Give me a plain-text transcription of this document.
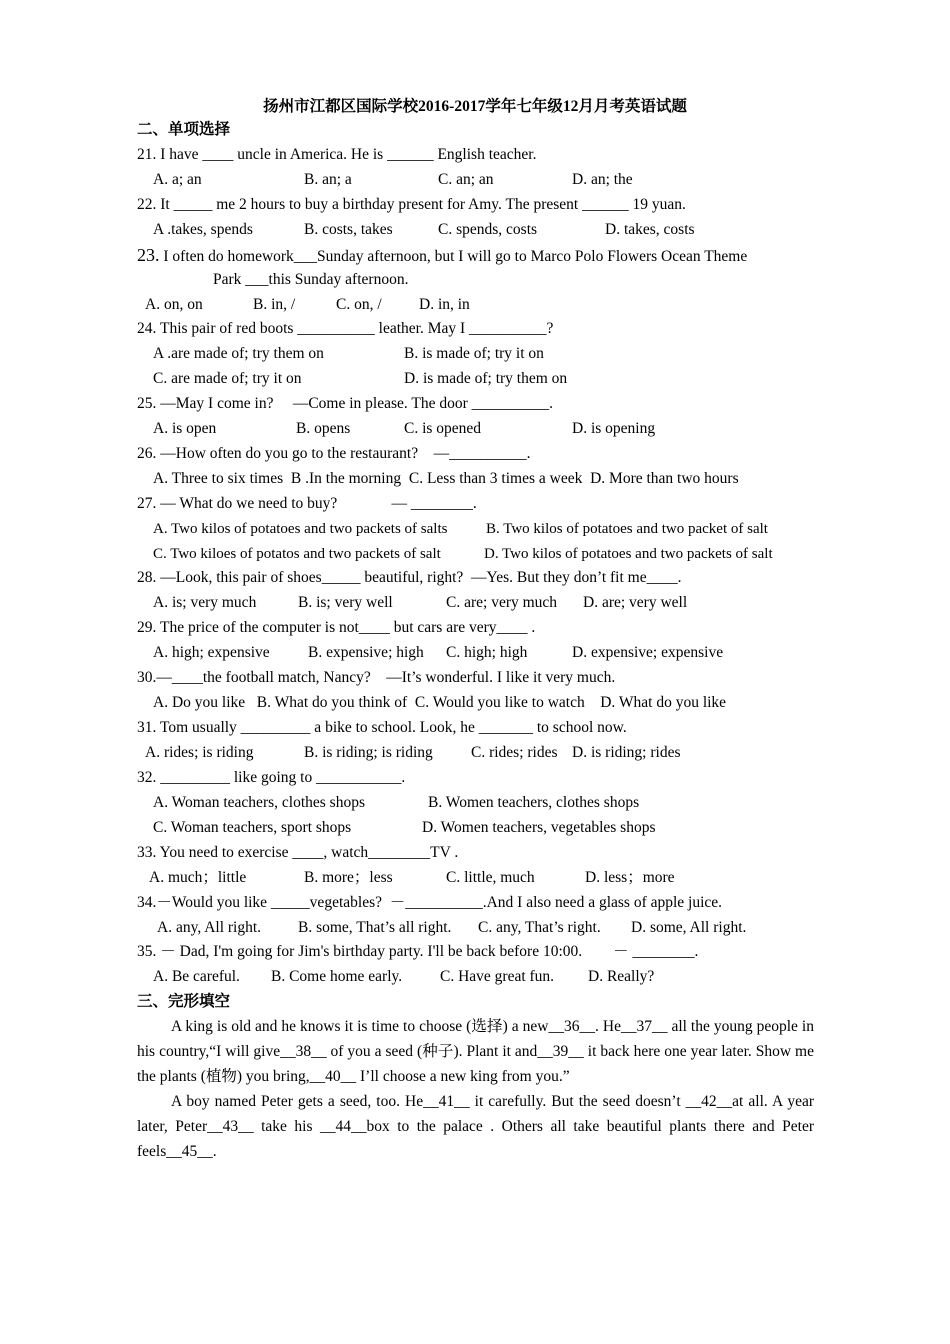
扬州市江都区国际学校2016-2017学年七年级12月月考英语试题
二、单项选择
21. I have ____ uncle in America. He is ______ English teacher.
A. a; an	B. an; a	C. an; an	D. an; the
22. It _____ me 2 hours to buy a birthday present for Amy. The present ______ 19 yuan.
A .takes, spends	B. costs, takes	C. spends, costs	D. takes, costs
23. I often do homework___Sunday afternoon, but I will go to Marco Polo Flowers Ocean Theme
Park ___this Sunday afternoon.
A. on, on	B. in, /	C. on, / D. in, in
24. This pair of red boots __________ leather. May I __________?
A .are made of; try them on	B. is made of; try it on
C. are made of; try it on	D. is made of; try them on
25. —May I come in?     —Come in please. The door __________.
A. is open	B. opens	C. is opened	D. is opening
26. —How often do you go to the restaurant?    —__________.
A. Three to six times  B .In the morning  C. Less than 3 times a week  D. More than two hours
27. — What do we need to buy?              — ________.
A. Two kilos of potatoes and two packets of salts	B. Two kilos of potatoes and two packet of salt
C. Two kiloes of potatos and two packets of salt	D. Two kilos of potatoes and two packets of salt
28. —Look, this pair of shoes_____ beautiful, right?  —Yes. But they don’t fit me____.
A. is; very much	B. is; very well	C. are; very much D. are; very well
29. The price of the computer is not____ but cars are very____ .
A. high; expensive B. expensive; high C. high; high	D. expensive; expensive
30.—____the football match, Nancy?    —It’s wonderful. I like it very much.
A. Do you like   B. What do you think of  C. Would you like to watch    D. What do you like
31. Tom usually _________ a bike to school. Look, he _______ to school now.
A. rides; is riding	B. is riding; is riding C. rides; rides D. is riding; rides
32. _________ like going to ___________.
A. Woman teachers, clothes shops	B. Women teachers, clothes shops
C. Woman teachers, sport shops	D. Women teachers, vegetables shops
33. You need to exercise ____, watch________TV .
A. much；little	B. more；less	C. little, much	D. less；more
34.－Would you like _____vegetables?  －__________.And I also need a glass of apple juice.
A. any, All right. B. some, That’s all right. C. any, That’s right. D. some, All right.
35. － Dad, I'm going for Jim's birthday party. I'll be back before 10:00.        － ________.
A. Be careful. B. Come home early. C. Have great fun. D. Really?
三、完形填空
A king is old and he knows it is time to choose (选择) a new__36__. He__37__ all the young people in his country,“I will give__38__ of you a seed (种子). Plant it and__39__ it back here one year later. Show me the plants (植物) you bring,__40__ I’ll choose a new king from you.”
A boy named Peter gets a seed, too. He__41__ it carefully. But the seed doesn’t __42__at all. A year later, Peter__43__ take his __44__box to the palace . Others all take beautiful plants there and Peter feels__45__.
